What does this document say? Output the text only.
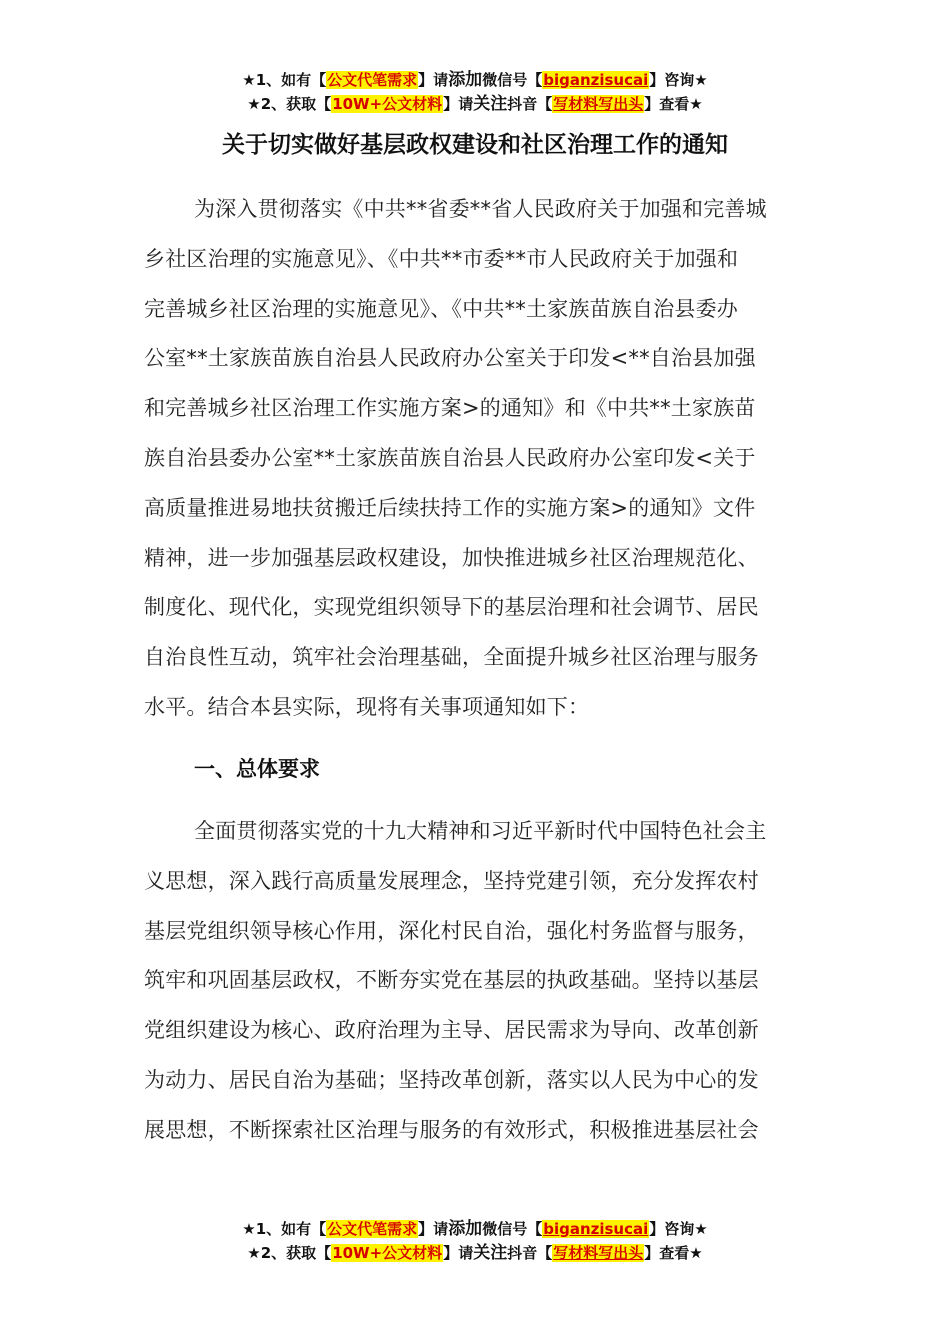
★1、如有【公文代笔需求】请添加微信号【biganzisucai】咨询★
★2、获取【10W+公文材料】请关注抖音【写材料写出头】查看★
关于切实做好基层政权建设和社区治理工作的通知
为深入贯彻落实《中共**省委**省人民政府关于加强和完善城
乡社区治理的实施意见》、《中共**市委**市人民政府关于加强和
完善城乡社区治理的实施意见》、《中共**土家族苗族自治县委办
公室**土家族苗族自治县人民政府办公室关于印发<**自治县加强
和完善城乡社区治理工作实施方案>的通知》和《中共**土家族苗
族自治县委办公室**土家族苗族自治县人民政府办公室印发<关于
高质量推进易地扶贫搬迁后续扶持工作的实施方案>的通知》文件
精神，进一步加强基层政权建设，加快推进城乡社区治理规范化、
制度化、现代化，实现党组织领导下的基层治理和社会调节、居民
自治良性互动，筑牢社会治理基础，全面提升城乡社区治理与服务
水平。结合本县实际，现将有关事项通知如下：
一、总体要求
全面贯彻落实党的十九大精神和习近平新时代中国特色社会主
义思想，深入践行高质量发展理念，坚持党建引领，充分发挥农村
基层党组织领导核心作用，深化村民自治，强化村务监督与服务，
筑牢和巩固基层政权，不断夯实党在基层的执政基础。坚持以基层
党组织建设为核心、政府治理为主导、居民需求为导向、改革创新
为动力、居民自治为基础；坚持改革创新，落实以人民为中心的发
展思想，不断探索社区治理与服务的有效形式，积极推进基层社会
★1、如有【公文代笔需求】请添加微信号【biganzisucai】咨询★
★2、获取【10W+公文材料】请关注抖音【写材料写出头】查看★
